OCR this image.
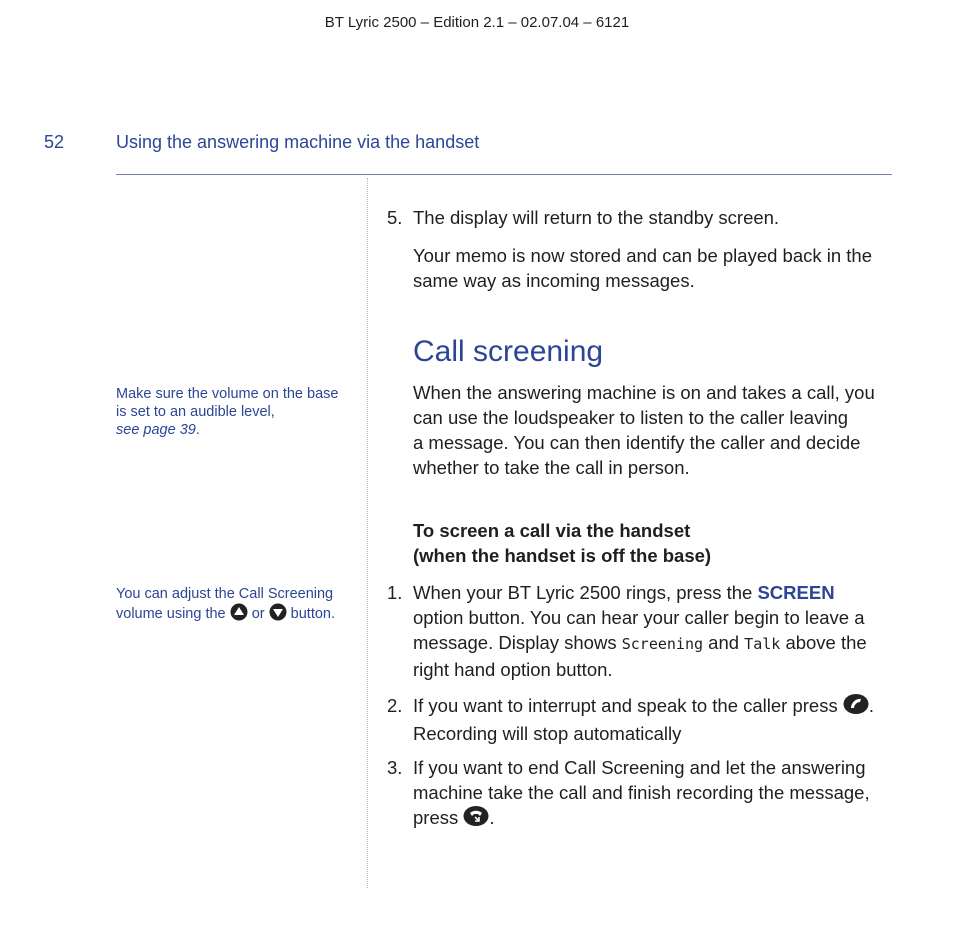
BT Lyric 2500 – Edition 2.1 – 02.07.04 – 6121
52	Using the answering machine via the handset
Make sure the volume on the base
is set to an audible level,
see page 39.
You can adjust the Call Screening
volume using the or button.
5. The display will return to the standby screen.
Your memo is now stored and can be played back in the
same way as incoming messages.
Call screening
When the answering machine is on and takes a call, you
can use the loudspeaker to listen to the caller leaving
a message. You can then identify the caller and decide
whether to take the call in person.
To screen a call via the handset
(when the handset is off the base)
1. When your BT Lyric 2500 rings, press the SCREEN
option button. You can hear your caller begin to leave a
message. Display shows Screening and Talk above the
right hand option button.
2. If you want to interrupt and speak to the caller press .
Recording will stop automatically
3. If you want to end Call Screening and let the answering
machine take the call and finish recording the message,
press .
